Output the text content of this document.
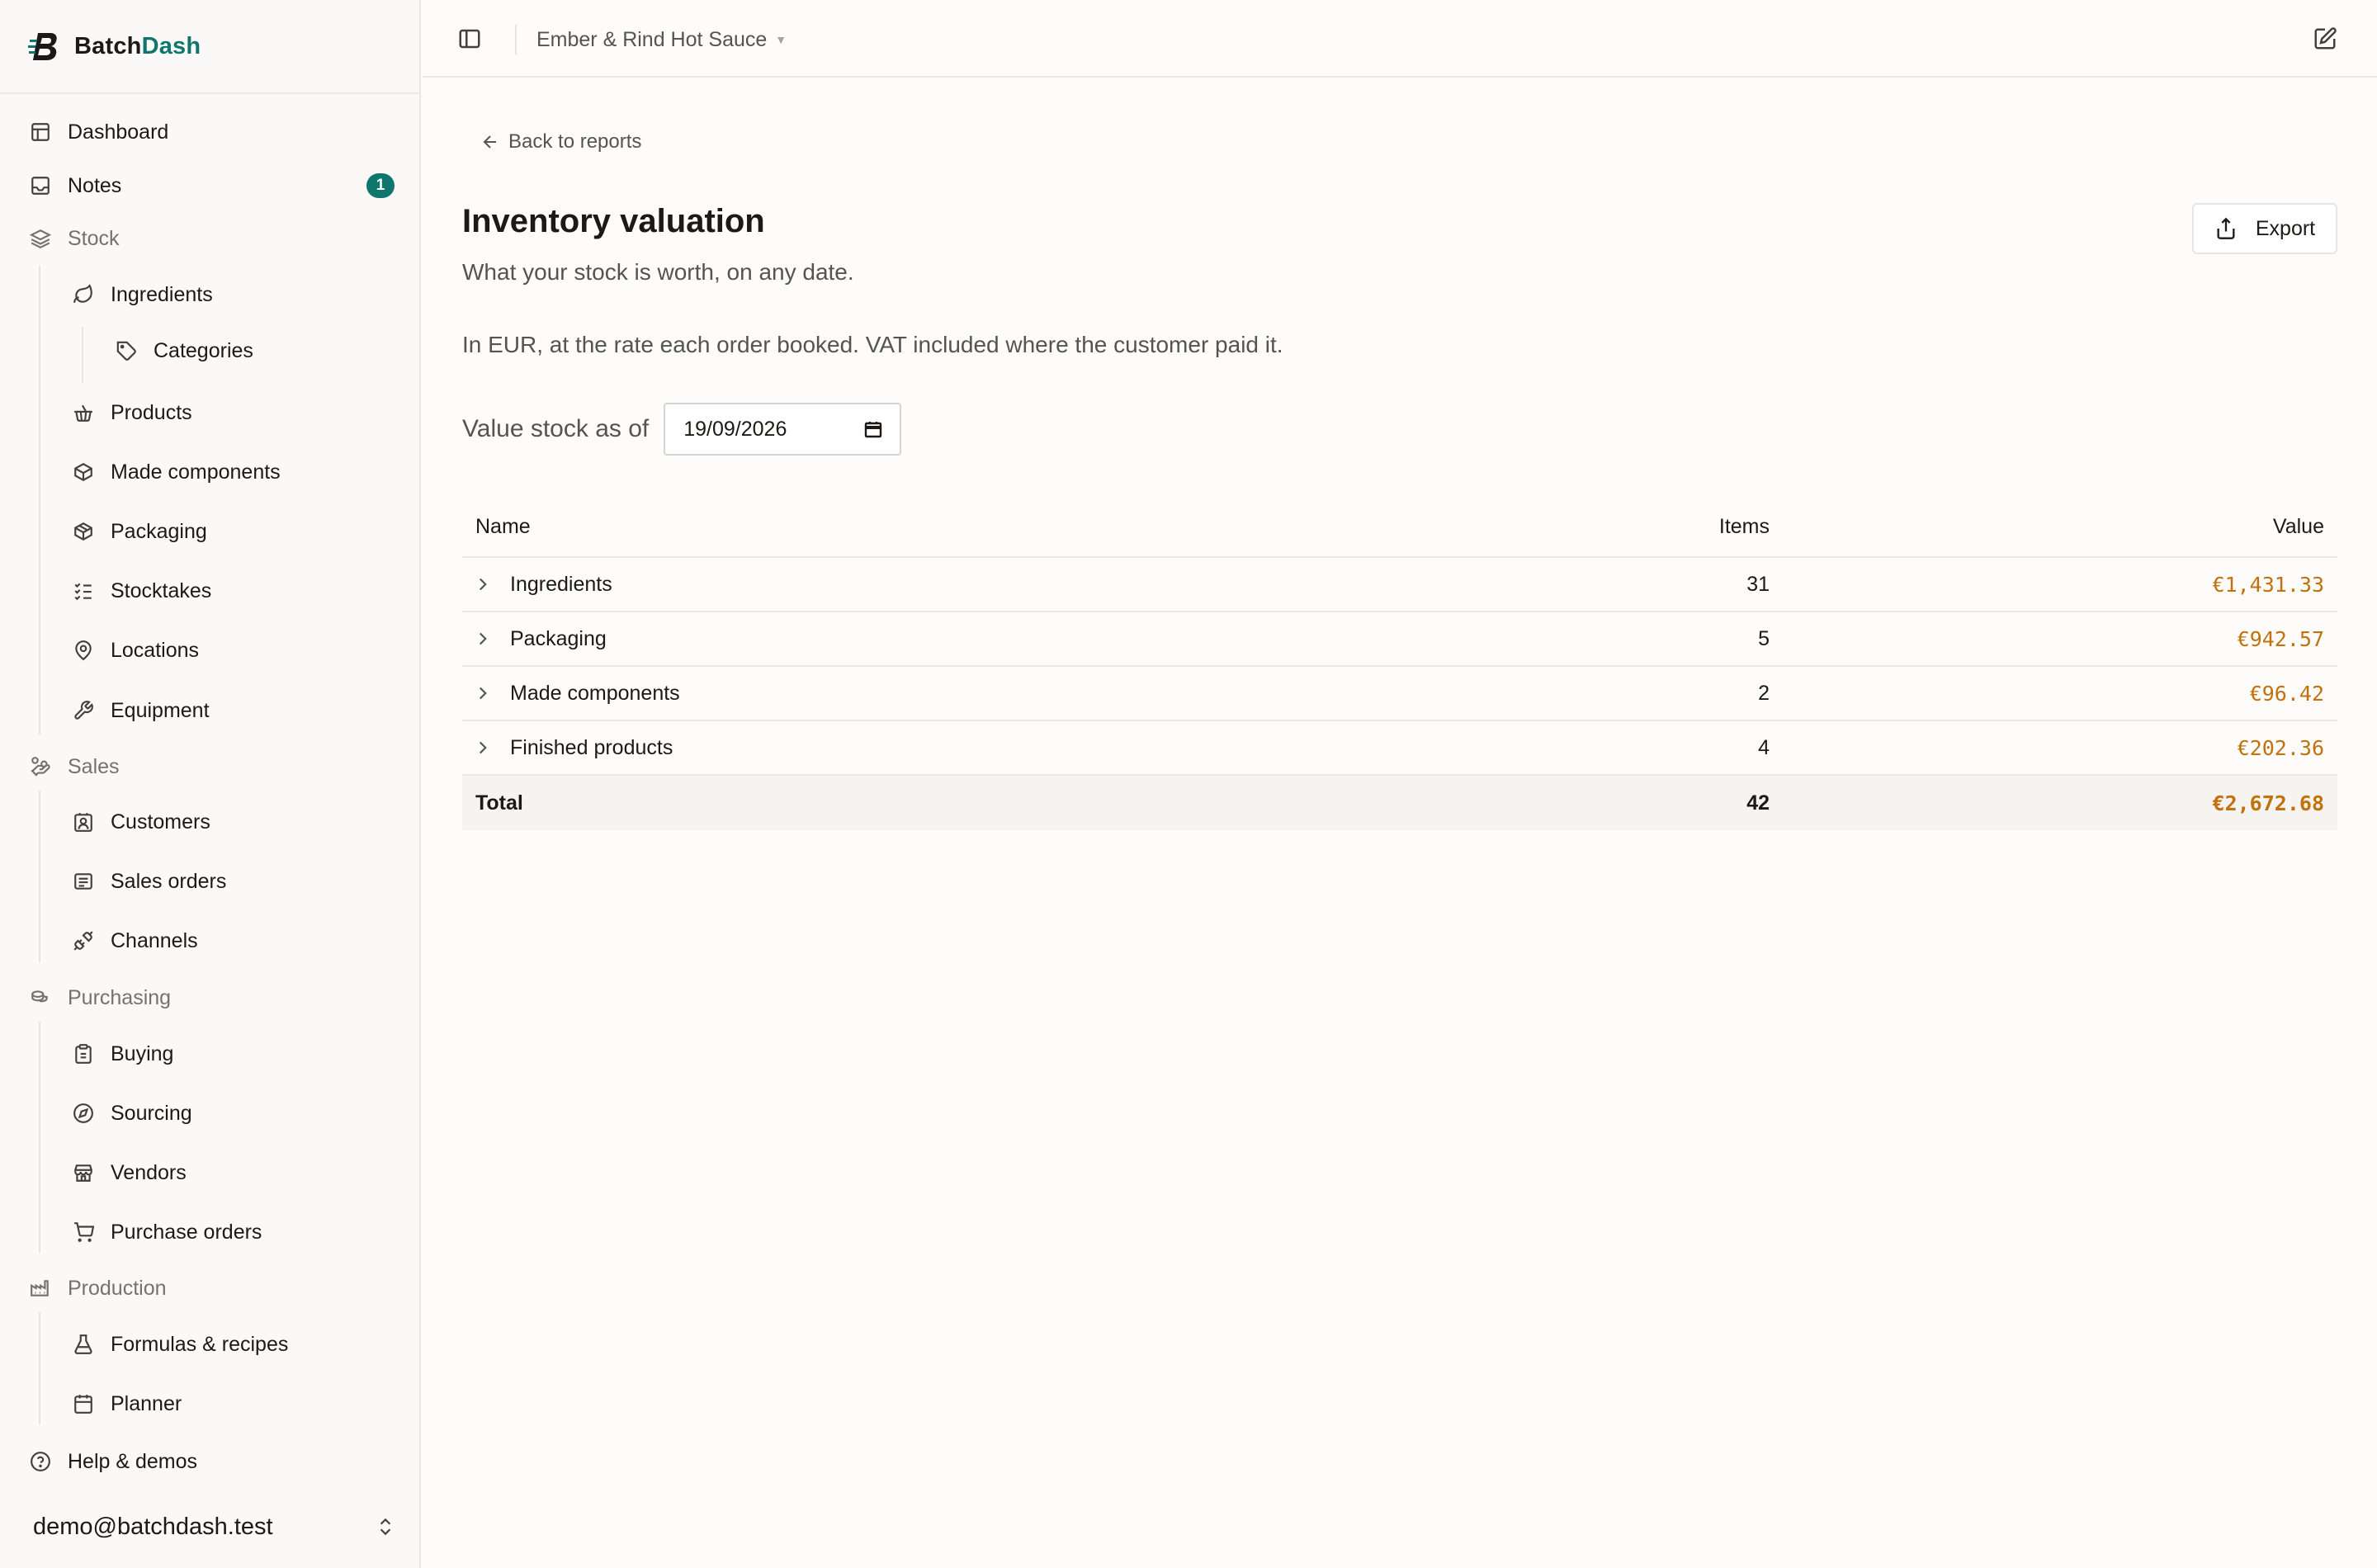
BatchDash
Dashboard
Notes	1
Stock
Ingredients
Categories
Products
Made components
Packaging
Stocktakes
Locations
Equipment
Sales
Customers
Sales orders
Channels
Purchasing
Buying
Sourcing
Vendors
Purchase orders
Production
Formulas & recipes
Planner
Help & demos
demo@batchdash.test
Ember & Rind Hot Sauce ▼
Back to reports
Inventory valuation

What your stock is worth, on any date.

In EUR, at the rate each order booked. VAT included where the customer paid it.

Export
Value stock as of 19/09/2026
Name	Items	Value
Ingredients	31	€1,431.33
Packaging	5	€942.57
Made components	2	€96.42
Finished products	4	€202.36
Total	42	€2,672.68
